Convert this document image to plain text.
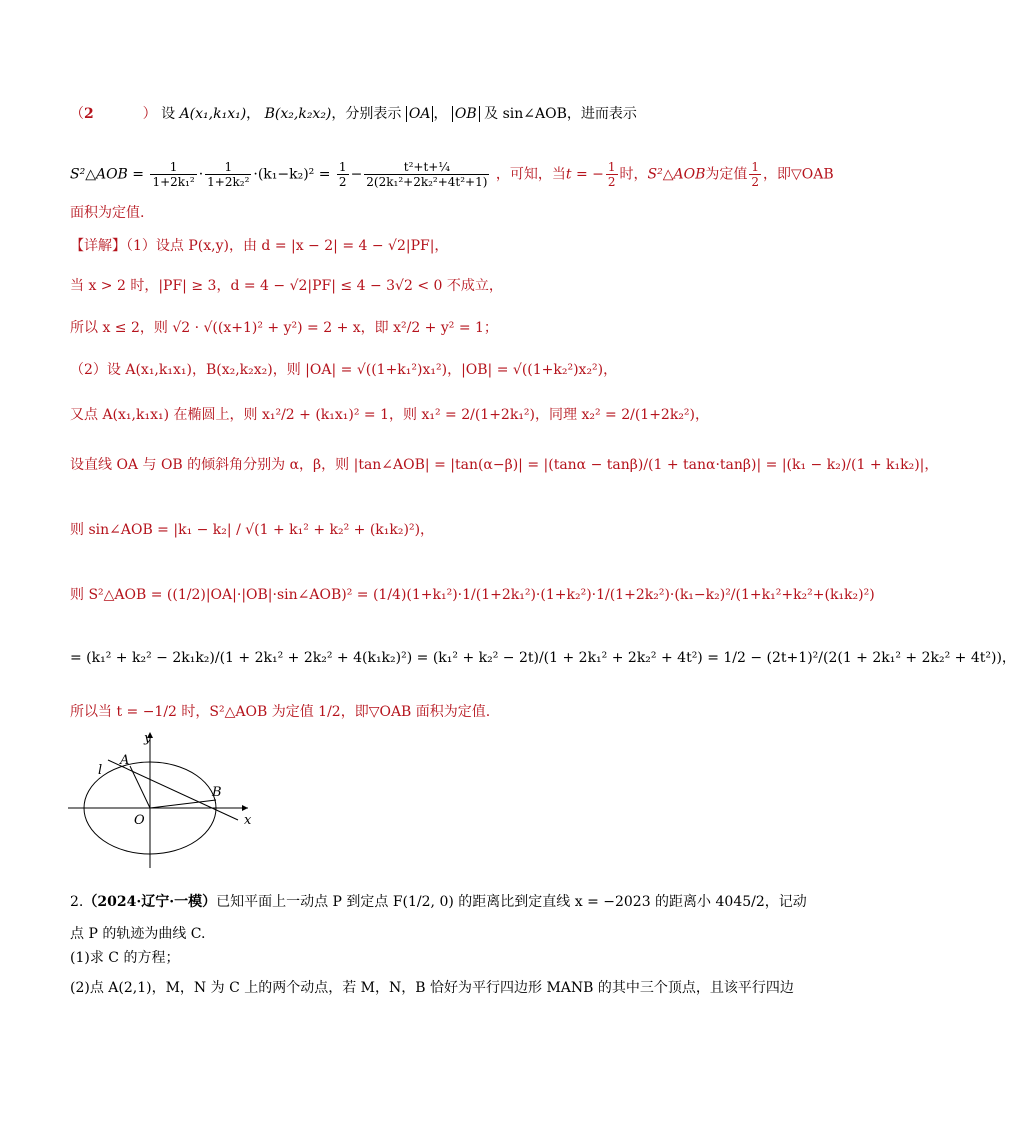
（2	） 设 A(x₁,k₁x₁)， B(x₂,k₂x₂)，分别表示 OA ， OB 及 sin∠AOB，进而表示
S²△AOB = $\frac{1}{\text{1+2k₁²}} \cdot \frac{1}{\text{1+2k₂²}} \cdot(k_1-k_2)^2 = \frac{1}{2} - \frac{\text{t²+t+¼}}{\text{2(2k₁²+2k₂²+4t²+1)}}$ ，可知，当t = − $\frac{1}{2}$ 时，S²△AOB为定值 $\frac{1}{2}$ ，即▽OAB
面积为定值.
【详解】（1）设点 P(x,y)，由 d = |x − 2| = 4 − √2|PF|，
当 x > 2 时，|PF| ≥ 3，d = 4 − √2|PF| ≤ 4 − 3√2 < 0 不成立，
所以 x ≤ 2，则 √2 · √((x+1)² + y²) = 2 + x，即 x²/2 + y² = 1；
（2）设 A(x₁,k₁x₁)，B(x₂,k₂x₂)，则 |OA| = √((1+k₁²)x₁²)，|OB| = √((1+k₂²)x₂²)，
又点 A(x₁,k₁x₁) 在椭圆上，则 x₁²/2 + (k₁x₁)² = 1，则 x₁² = 2/(1+2k₁²)，同理 x₂² = 2/(1+2k₂²)，
设直线 OA 与 OB 的倾斜角分别为 α，β，则 |tan∠AOB| = |tan(α−β)| = |(tanα − tanβ)/(1 + tanα·tanβ)| = |(k₁ − k₂)/(1 + k₁k₂)|，
则 sin∠AOB = |k₁ − k₂| / √(1 + k₁² + k₂² + (k₁k₂)²)，
则 S²△AOB = ((1/2)|OA|·|OB|·sin∠AOB)² = (1/4)(1+k₁²)·1/(1+2k₁²)·(1+k₂²)·1/(1+2k₂²)·(k₁−k₂)²/(1+k₁²+k₂²+(k₁k₂)²)
= (k₁² + k₂² − 2k₁k₂)/(1 + 2k₁² + 2k₂² + 4(k₁k₂)²) = (k₁² + k₂² − 2t)/(1 + 2k₁² + 2k₂² + 4t²) = 1/2 − (2t+1)²/(2(1 + 2k₁² + 2k₂² + 4t²))，
所以当 t = −1/2 时，S²△AOB 为定值 1/2，即▽OAB 面积为定值.
y
x
A
B
O
l
2.（2024·辽宁·一模）已知平面上一动点 P 到定点 F(1/2, 0) 的距离比到定直线 x = −2023 的距离小 4045/2，记动
点 P 的轨迹为曲线 C.
(1)求 C 的方程；
(2)点 A(2,1)，M，N 为 C 上的两个动点，若 M，N，B 恰好为平行四边形 MANB 的其中三个顶点，且该平行四边
